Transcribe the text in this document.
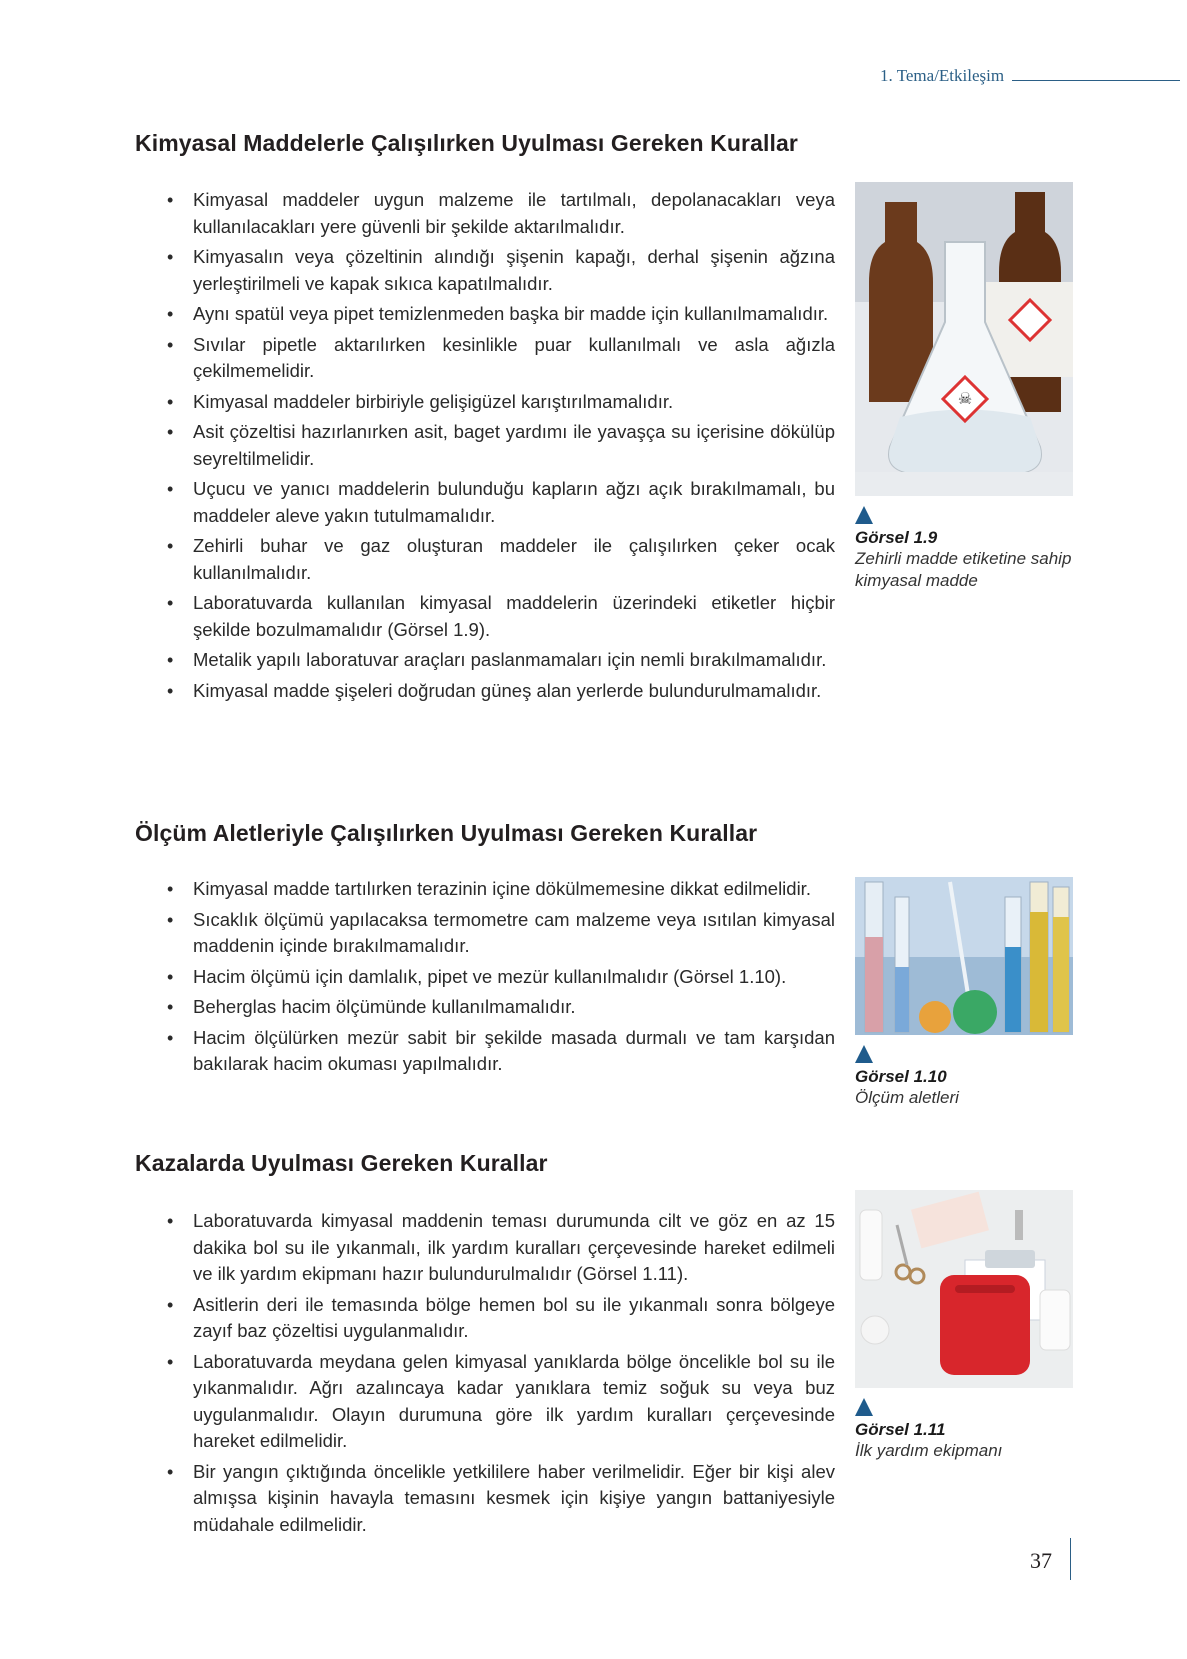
1. Tema/Etkileşim
Kimyasal Maddelerle Çalışılırken Uyulması Gereken Kurallar
• Kimyasal maddeler uygun malzeme ile tartılmalı, depolanacakları veya kullanılacakları yere güvenli bir şekilde aktarılmalıdır.
• Kimyasalın veya çözeltinin alındığı şişenin kapağı, derhal şişenin ağzına yerleştirilmeli ve kapak sıkıca kapatılmalıdır.
• Aynı spatül veya pipet temizlenmeden başka bir madde için kullanılmamalıdır.
• Sıvılar pipetle aktarılırken kesinlikle puar kullanılmalı ve asla ağızla çekilmemelidir.
• Kimyasal maddeler birbiriyle gelişigüzel karıştırılmamalıdır.
• Asit çözeltisi hazırlanırken asit, baget yardımı ile yavaşça su içerisine dökülüp seyreltilmelidir.
• Uçucu ve yanıcı maddelerin bulunduğu kapların ağzı açık bırakılmamalı, bu maddeler aleve yakın tutulmamalıdır.
• Zehirli buhar ve gaz oluşturan maddeler ile çalışılırken çeker ocak kullanılmalıdır.
• Laboratuvarda kullanılan kimyasal maddelerin üzerindeki etiketler hiçbir şekilde bozulmamalıdır (Görsel 1.9).
• Metalik yapılı laboratuvar araçları paslanmamaları için nemli bırakılmamalıdır.
• Kimyasal madde şişeleri doğrudan güneş alan yerlerde bulundurulmamalıdır.
Ölçüm Aletleriyle Çalışılırken Uyulması Gereken Kurallar
• Kimyasal madde tartılırken terazinin içine dökülmemesine dikkat edilmelidir.
• Sıcaklık ölçümü yapılacaksa termometre cam malzeme veya ısıtılan kimyasal maddenin içinde bırakılmamalıdır.
• Hacim ölçümü için damlalık, pipet ve mezür kullanılmalıdır (Görsel 1.10).
• Beherglas hacim ölçümünde kullanılmamalıdır.
• Hacim ölçülürken mezür sabit bir şekilde masada durmalı ve tam karşıdan bakılarak hacim okuması yapılmalıdır.
Kazalarda Uyulması Gereken Kurallar
• Laboratuvarda kimyasal maddenin teması durumunda cilt ve göz en az 15 dakika bol su ile yıkanmalı, ilk yardım kuralları çerçevesinde hareket edilmeli ve ilk yardım ekipmanı hazır bulundurulmalıdır (Görsel 1.11).
• Asitlerin deri ile temasında bölge hemen bol su ile yıkanmalı sonra bölgeye zayıf baz çözeltisi uygulanmalıdır.
• Laboratuvarda meydana gelen kimyasal yanıklarda bölge öncelikle bol su ile yıkanmalıdır. Ağrı azalıncaya kadar yanıklara temiz soğuk su veya buz uygulanmalıdır. Olayın durumuna göre ilk yardım kuralları çerçevesinde hareket edilmelidir.
• Bir yangın çıktığında öncelikle yetkililere haber verilmelidir. Eğer bir kişi alev almışsa kişinin havayla temasını kesmek için kişiye yangın battaniyesiyle müdahale edilmelidir.
☠
Görsel 1.9
Zehirli madde etiketine sahip kimyasal madde
Görsel 1.10
Ölçüm aletleri
Görsel 1.11
İlk yardım ekipmanı
37
